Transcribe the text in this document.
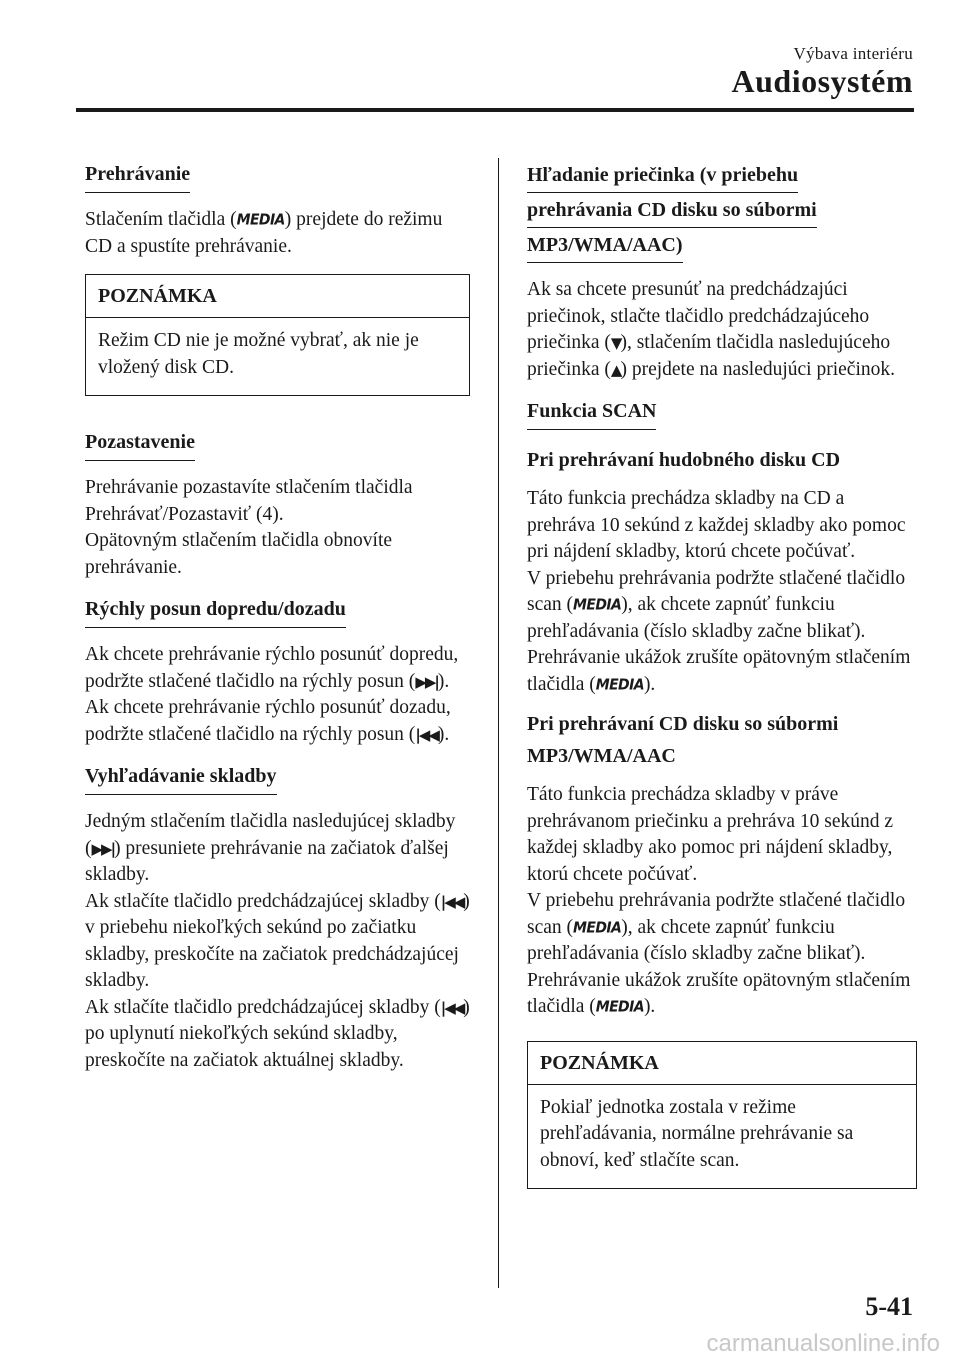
Výbava interiéru
Audiosystém
Prehrávanie

Stlačením tlačidla (MEDIA) prejdete do režimu CD a spustíte prehrávanie.

POZNÁMKA

Režim CD nie je možné vybrať, ak nie je vložený disk CD.

Pozastavenie

Prehrávanie pozastavíte stlačením tlačidla Prehrávať/Pozastaviť (4).

Opätovným stlačením tlačidla obnovíte prehrávanie.

Rýchly posun dopredu/dozadu

Ak chcete prehrávanie rýchlo posunúť dopredu, podržte stlačené tlačidlo na rýchly posun (▶▶|). Ak chcete prehrávanie rýchlo posunúť dozadu, podržte stlačené tlačidlo na rýchly posun (|◀◀).

Vyhľadávanie skladby

Jedným stlačením tlačidla nasledujúcej skladby (▶▶|) presuniete prehrávanie na začiatok ďalšej skladby.

Ak stlačíte tlačidlo predchádzajúcej skladby (|◀◀) v priebehu niekoľkých sekúnd po začiatku skladby, preskočíte na začiatok predchádzajúcej skladby.

Ak stlačíte tlačidlo predchádzajúcej skladby (|◀◀) po uplynutí niekoľkých sekúnd skladby, preskočíte na začiatok aktuálnej skladby.

Hľadanie priečinka (v priebehu
prehrávania CD disku so súbormi
MP3/WMA/AAC)

Ak sa chcete presunúť na predchádzajúci priečinok, stlačte tlačidlo predchádzajúceho priečinka (▼), stlačením tlačidla nasledujúceho priečinka (▲) prejdete na nasledujúci priečinok.

Funkcia SCAN
Pri prehrávaní hudobného disku CD

Táto funkcia prechádza skladby na CD a prehráva 10 sekúnd z každej skladby ako pomoc pri nájdení skladby, ktorú chcete počúvať.

V priebehu prehrávania podržte stlačené tlačidlo scan (MEDIA), ak chcete zapnúť funkciu prehľadávania (číslo skladby začne blikať). Prehrávanie ukážok zrušíte opätovným stlačením tlačidla (MEDIA).

Pri prehrávaní CD disku so súbormi MP3/WMA/AAC

Táto funkcia prechádza skladby v práve prehrávanom priečinku a prehráva 10 sekúnd z každej skladby ako pomoc pri nájdení skladby, ktorú chcete počúvať.

V priebehu prehrávania podržte stlačené tlačidlo scan (MEDIA), ak chcete zapnúť funkciu prehľadávania (číslo skladby začne blikať).

Prehrávanie ukážok zrušíte opätovným stlačením tlačidla (MEDIA).

POZNÁMKA

Pokiaľ jednotka zostala v režime prehľadávania, normálne prehrávanie sa obnoví, keď stlačíte scan.

5-41
carmanualsonline.info
